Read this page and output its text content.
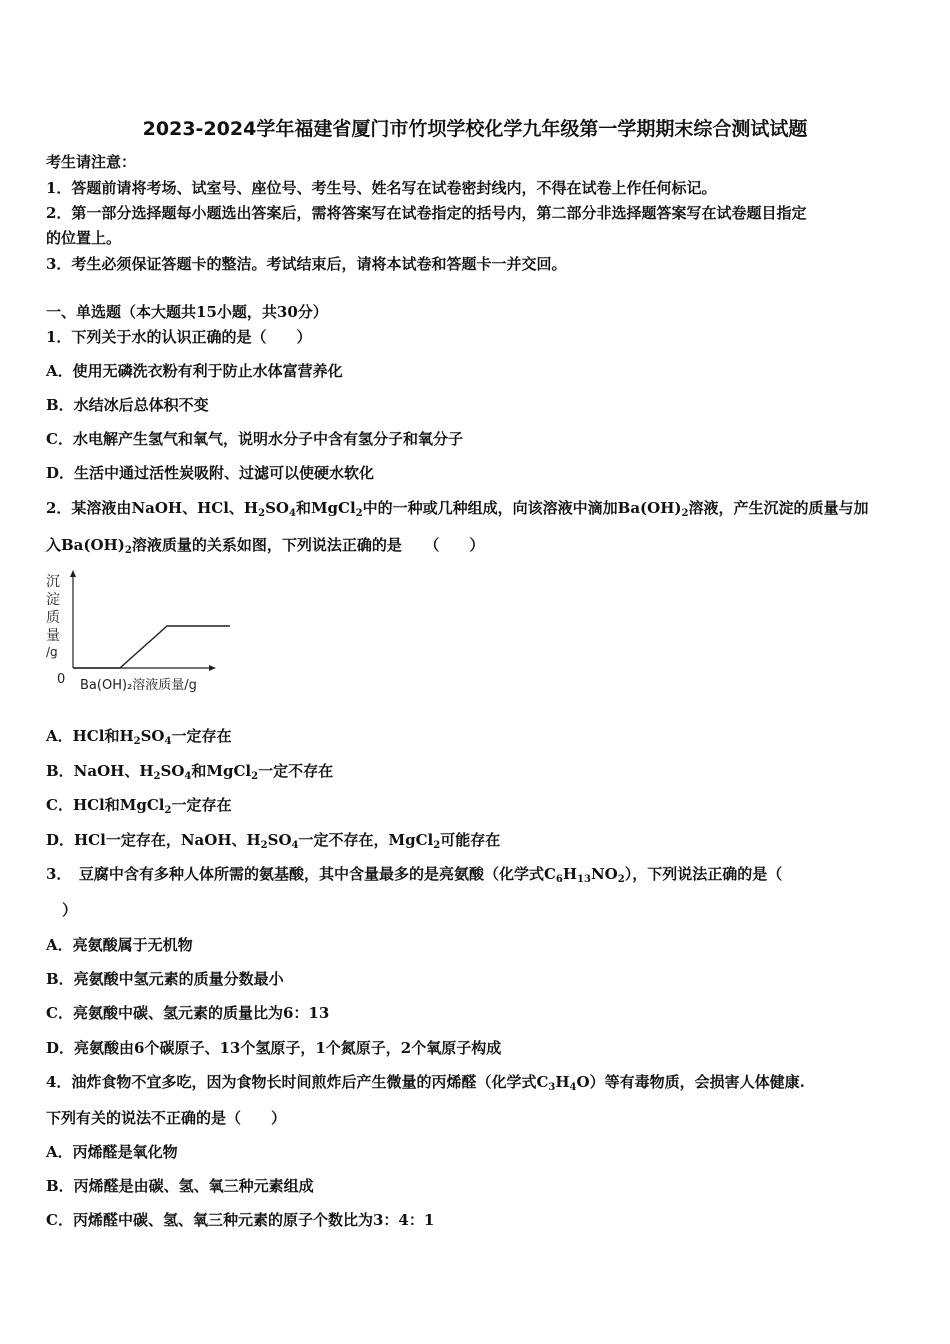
2023-2024学年福建省厦门市竹坝学校化学九年级第一学期期末综合测试试题
考生请注意：
1．答题前请将考场、试室号、座位号、考生号、姓名写在试卷密封线内，不得在试卷上作任何标记。
2．第一部分选择题每小题选出答案后，需将答案写在试卷指定的括号内，第二部分非选择题答案写在试卷题目指定
的位置上。
3．考生必须保证答题卡的整洁。考试结束后，请将本试卷和答题卡一并交回。
一、单选题（本大题共15小题，共30分）
1．下列关于水的认识正确的是（　　）
A．使用无磷洗衣粉有利于防止水体富营养化
B．水结冰后总体积不变
C．水电解产生氢气和氧气，说明水分子中含有氢分子和氧分子
D．生活中通过活性炭吸附、过滤可以使硬水软化
2．某溶液由NaOH、HCl、$H_2SO_4$和MgCl$_2$中的一种或几种组成，向该溶液中滴加$Ba(OH)_2$溶液，产生沉淀的质量与加
入$Ba(OH)_2$溶液质量的关系如图，下列说法正确的是　　（　　）
沉
淀
质
量
/g
0 Ba(OH)₂溶液质量/g
A．HCl和$H_2SO_4$一定存在
B．NaOH、$H_2SO_4$和MgCl$_2$一定不存在
C．HCl和MgCl$_2$一定存在
D．HCl一定存在，NaOH、$H_2SO_4$一定不存在，MgCl$_2$可能存在
3．　豆腐中含有多种人体所需的氨基酸，其中含量最多的是亮氨酸（化学式$C_6H_{13}NO_2$），下列说法正确的是（
）
A．亮氨酸属于无机物
B．亮氨酸中氢元素的质量分数最小
C．亮氨酸中碳、氢元素的质量比为6：13
D．亮氨酸由6个碳原子、13个氢原子，1个氮原子，2个氧原子构成
4．油炸食物不宜多吃，因为食物长时间煎炸后产生微量的丙烯醛（化学式$C_3H_4O$）等有毒物质，会损害人体健康.
下列有关的说法不正确的是（　　）
A．丙烯醛是氧化物
B．丙烯醛是由碳、氢、氧三种元素组成
C．丙烯醛中碳、氢、氧三种元素的原子个数比为3：4：1
